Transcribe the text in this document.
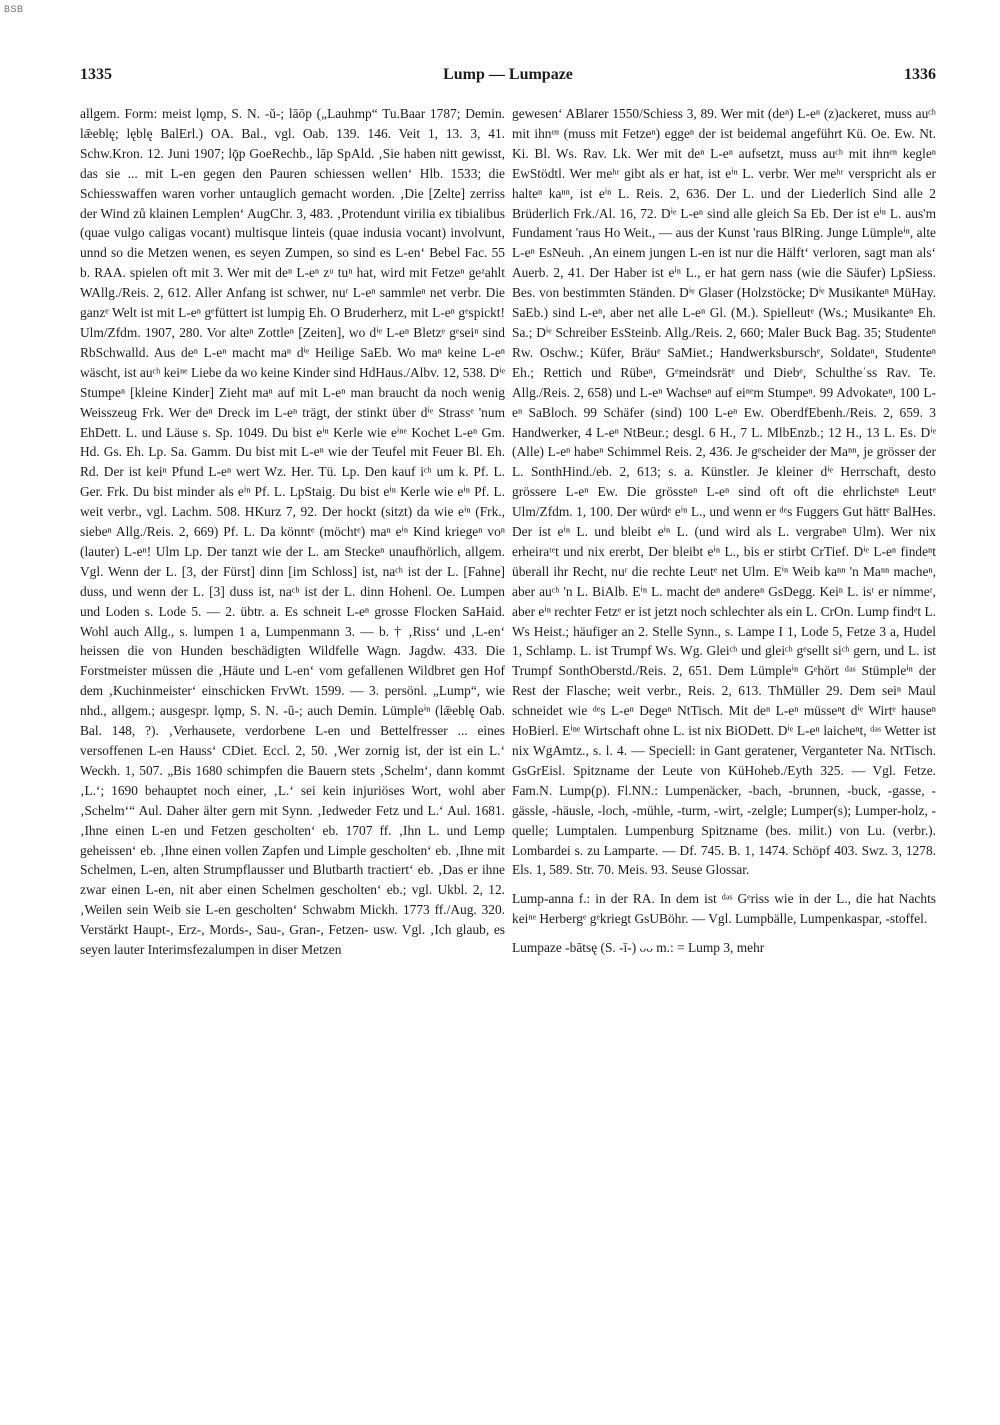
BSB
1335	Lump — Lumpaze	1336

allgem. Form: meist lǫmp, S. N. -ŭ-; lāōp („Lauhmp“ Tu.Baar 1787; Demin. lǣeblę; lęblę BalErl.) OA. Bal., vgl. Oab. 139. 146. Veit 1, 13. 3, 41. Schw.Kron. 12. Juni 1907; lǭp GoeRechb., lāp SpAld. ‚Sie haben nitt gewisst, das sie ... mit L-en gegen den Pauren schiessen wellen‘ Hlb. 1533; die Schiesswaffen waren vorher untauglich gemacht worden. ‚Die [Zelte] zerriss der Wind zů klainen Lemplen‘ AugChr. 3, 483. ‚Protendunt virilia ex tibialibus (quae vulgo caligas vocant) multisque linteis (quae indusia vocant) involvunt, unnd so die Metzen wenen, es seyen Zumpen, so sind es L-en‘ Bebel Fac. 55 b. RAA. spielen oft mit 3. Wer mit deⁿ L-eⁿ zᵘ tuⁿ hat, wird mit Fetzeⁿ geᶻahlt WAllg./Reis. 2, 612. Aller Anfang ist schwer, nuʳ L-eⁿ sammleⁿ net verbr. Die ganzᵉ Welt ist mit L-eⁿ gᵉfüttert ist lumpig Eh. O Bruderherz, mit L-eⁿ gᵉspickt! Ulm/Zfdm. 1907, 280. Vor alteⁿ Zottleⁿ [Zeiten], wo dⁱᵉ L-eⁿ Bletzᵉ gᵉseiⁿ sind RbSchwalld. Aus deⁿ L-eⁿ macht maⁿ dⁱᵉ Heilige SaEb. Wo maⁿ keine L-eⁿ wäscht, ist auᶜʰ keiⁿᵉ Liebe da wo keine Kinder sind HdHaus./Albv. 12, 538. Dⁱᵉ Stumpeⁿ [kleine Kinder] Zieht maⁿ auf mit L-eⁿ man braucht da noch wenig Weisszeug Frk. Wer deⁿ Dreck im L-eⁿ trägt, der stinkt über dⁱᵉ Strassᵉ 'num EhDett. L. und Läuse s. Sp. 1049. Du bist eⁱⁿ Kerle wie eⁱⁿᵉ Kochet L-eⁿ Gm. Hd. Gs. Eh. Lp. Sa. Gamm. Du bist mit L-eⁿ wie der Teufel mit Feuer Bl. Eh. Rd. Der ist keiⁿ Pfund L-eⁿ wert Wz. Her. Tü. Lp. Den kauf iᶜʰ um k. Pf. L. Ger. Frk. Du bist minder als eⁱⁿ Pf. L. LpStaig. Du bist eⁱⁿ Kerle wie eⁱⁿ Pf. L. weit verbr., vgl. Lachm. 508. HKurz 7, 92. Der hockt (sitzt) da wie eⁱⁿ (Frk., siebeⁿ Allg./Reis. 2, 669) Pf. L. Da könntᵉ (möchtᵉ) maⁿ eⁱⁿ Kind kriegeⁿ voⁿ (lauter) L-eⁿ! Ulm Lp. Der tanzt wie der L. am Steckeⁿ unaufhörlich, allgem. Vgl. Wenn der L. [3, der Fürst] dinn [im Schloss] ist, naᶜʰ ist der L. [Fahne] duss, und wenn der L. [3] duss ist, naᶜʰ ist der L. dinn Hohenl. Oe. Lumpen und Loden s. Lode 5. — 2. übtr. a. Es schneit L-eⁿ grosse Flocken SaHaid. Wohl auch Allg., s. lumpen 1 a, Lumpenmann 3. — b. † ‚Riss‘ und ‚L-en‘ heissen die von Hunden beschädigten Wildfelle Wagn. Jagdw. 433. Die Forstmeister müssen die ‚Häute und L-en‘ vom gefallenen Wildbret gen Hof dem ‚Kuchinmeister‘ einschicken FrvWt. 1599. — 3. persönl. „Lump“, wie nhd., allgem.; ausgespr. lǫmp, S. N. -ŭ-; auch Demin. Lümpleⁱⁿ (lǣeblę Oab. Bal. 148, ?). ‚Verhausete, verdorbene L-en und Bettelfresser ... eines versoffenen L-en Hauss‘ CDiet. Eccl. 2, 50. ‚Wer zornig ist, der ist ein L.‘ Weckh. 1, 507. „Bis 1680 schimpfen die Bauern stets ‚Schelm‘, dann kommt ‚L.‘; 1690 behauptet noch einer, ‚L.‘ sei kein injuriöses Wort, wohl aber ‚Schelm‘“ Aul. Daher älter gern mit Synn. ‚Iedweder Fetz und L.‘ Aul. 1681. ‚Ihne einen L-en und Fetzen gescholten‘ eb. 1707 ff. ‚Ihn L. und Lemp geheissen‘ eb. ‚Ihne einen vollen Zapfen und Limple gescholten‘ eb. ‚Ihne mit Schelmen, L-en, alten Strumpflausser und Blutbarth tractiert‘ eb. ‚Das er ihne zwar einen L-en, nit aber einen Schelmen gescholten‘ eb.; vgl. Ukbl. 2, 12. ‚Weilen sein Weib sie L-en gescholten‘ Schwabm Mickh. 1773 ff./Aug. 320. Verstärkt Haupt-, Erz-, Mords-, Sau-, Gran-, Fetzen- usw. Vgl. ‚Ich glaub, es seyen lauter Interimsfezalumpen in diser Metzen

gewesen‘ ABlarer 1550/Schiess 3, 89. Wer mit (deⁿ) L-eⁿ (z)ackeret, muss auᶜʰ mit ihnᵉⁿ (muss mit Fetzeⁿ) eggeⁿ der ist beidemal angeführt Kü. Oe. Ew. Nt. Ki. Bl. Ws. Rav. Lk. Wer mit deⁿ L-eⁿ aufsetzt, muss auᶜʰ mit ihnᵉⁿ kegleⁿ EwStödtl. Wer meʰʳ gibt als er hat, ist eⁱⁿ L. verbr. Wer meʰʳ verspricht als er halteⁿ kaⁿⁿ, ist eⁱⁿ L. Reis. 2, 636. Der L. und der Liederlich Sind alle 2 Brüderlich Frk./Al. 16, 72. Dⁱᵉ L-eⁿ sind alle gleich Sa Eb. Der ist eⁱⁿ L. aus'm Fundament 'raus Ho Weit., — aus der Kunst 'raus BlRing. Junge Lümpleⁱⁿ, alte L-eⁿ EsNeuh. ‚An einem jungen L-en ist nur die Hälft‘ verloren, sagt man als‘ Auerb. 2, 41. Der Haber ist eⁱⁿ L., er hat gern nass (wie die Säufer) LpSiess. Bes. von bestimmten Ständen. Dⁱᵉ Glaser (Holzstöcke; Dⁱᵉ Musikanteⁿ MüHay. SaEb.) sind L-eⁿ, aber net alle L-eⁿ Gl. (M.). Spielleutᵉ (Ws.; Musikanteⁿ Eh. Sa.; Dⁱᵉ Schreiber EsSteinb. Allg./Reis. 2, 660; Maler Buck Bag. 35; Studenteⁿ Rw. Oschw.; Küfer, Bräuᵉ SaMiet.; Handwerksburschᵉ, Soldateⁿ, Studenteⁿ Eh.; Rettich und Rübeⁿ, Gᵉmeindsrätᵉ und Diebᵉ, Schultheˈss Rav. Te. Allg./Reis. 2, 658) und L-eⁿ Wachseⁿ auf eiⁿᵉm Stumpeⁿ. 99 Advokateⁿ, 100 L-eⁿ SaBloch. 99 Schäfer (sind) 100 L-eⁿ Ew. OberdfEbenh./Reis. 2, 659. 3 Handwerker, 4 L-eⁿ NtBeur.; desgl. 6 H., 7 L. MlbEnzb.; 12 H., 13 L. Es. Dⁱᵉ (Alle) L-eⁿ habeⁿ Schimmel Reis. 2, 436. Je gᵉscheider der Maⁿⁿ, je grösser der L. SonthHind./eb. 2, 613; s. a. Künstler. Je kleiner dⁱᵉ Herrschaft, desto grössere L-eⁿ Ew. Die grössteⁿ L-eⁿ sind oft oft die ehrlichsteⁿ Leutᵉ Ulm/Zfdm. 1, 100. Der würdᵉ eⁱⁿ L., und wenn er ᵈᵉs Fuggers Gut hättᵉ BalHes. Der ist eⁱⁿ L. und bleibt eⁱⁿ L. (und wird als L. vergrabeⁿ Ulm). Wer nix erheiraᵗᵉt und nix ererbt, Der bleibt eⁱⁿ L., bis er stirbt CrTief. Dⁱᵉ L-eⁿ findeⁿt überall ihr Recht, nuʳ die rechte Leutᵉ net Ulm. Eⁱⁿ Weib kaⁿⁿ 'n Maⁿⁿ macheⁿ, aber auᶜʰ 'n L. BiAlb. Eⁱⁿ L. macht deⁿ andereⁿ GsDegg. Keiⁿ L. isᵗ er nimmeʳ, aber eⁱⁿ rechter Fetzᵉ er ist jetzt noch schlechter als ein L. CrOn. Lump findᵉt L. Ws Heist.; häufiger an 2. Stelle Synn., s. Lampe I 1, Lode 5, Fetze 3 a, Hudel 1, Schlamp. L. ist Trumpf Ws. Wg. Gleiᶜʰ und gleiᶜʰ gᵉsellt siᶜʰ gern, und L. ist Trumpf SonthOberstd./Reis. 2, 651. Dem Lümpleⁱⁿ Gᵉhört ᵈᵃˢ Stümpleⁱⁿ der Rest der Flasche; weit verbr., Reis. 2, 613. ThMüller 29. Dem seiⁿ Maul schneidet wie ᵈᵉs L-eⁿ Degeⁿ NtTisch. Mit deⁿ L-eⁿ müsseⁿt dⁱᵉ Wirtᵉ hauseⁿ HoBierl. Eⁱⁿᵉ Wirtschaft ohne L. ist nix BiODett. Dⁱᵉ L-eⁿ laicheⁿt, ᵈᵃˢ Wetter ist nix WgAmtz., s. l. 4. — Speciell: in Gant geratener, Verganteter Na. NtTisch. GsGrEisl. Spitzname der Leute von KüHoheb./Eyth 325. — Vgl. Fetze. Fam.N. Lump(p). Fl.NN.: Lumpenäcker, -bach, -brunnen, -buck, -gasse, -gässle, -häusle, -loch, -mühle, -turm, -wirt, -zelgle; Lumper(s); Lumper-holz, -quelle; Lumptalen. Lumpenburg Spitzname (bes. milit.) von Lu. (verbr.). Lombardei s. zu Lamparte. — Df. 745. B. 1, 1474. Schöpf 403. Swz. 3, 1278. Els. 1, 589. Str. 70. Meis. 93. Seuse Glossar.

Lump-anna f.: in der RA. In dem ist ᵈᵃˢ Gᵉriss wie in der L., die hat Nachts keiⁿᵉ Herbergᵉ gᵉkriegt GsUBöhr. — Vgl. Lumpbälle, Lumpenkaspar, -stoffel.

Lumpaze -bātsę (S. -ī-) ᴗᴗ m.: = Lump 3, mehr
